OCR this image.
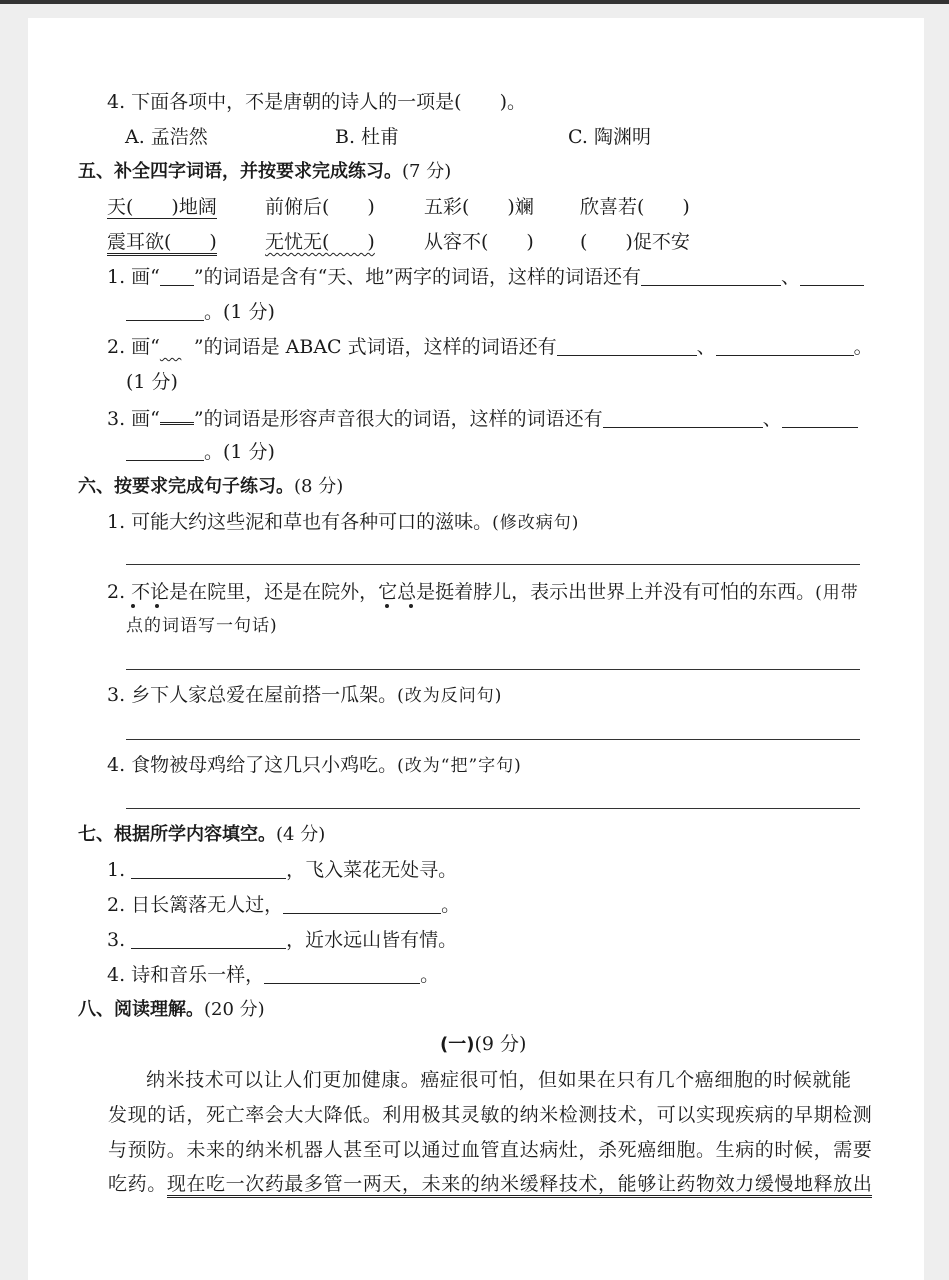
4. 下面各项中，不是唐朝的诗人的一项是(　　)。
A. 孟浩然	B. 杜甫	C. 陶渊明
五、补全四字词语，并按要求完成练习。(7 分)
天(　　)地阔	前俯后(　　)	五彩(　　)斓 欣喜若(　　)
震耳欲(　　)	无忧无(　　)	从容不(　　) (　　)促不安
1. 画“ ”的词语是含有“天、地”两字的词语，这样的词语还有	、
。(1 分)
2. 画“ ”的词语是 ABAC 式词语，这样的词语还有	、	。
(1 分)
3. 画“ ”的词语是形容声音很大的词语，这样的词语还有	、
。(1 分)
六、按要求完成句子练习。(8 分)
1. 可能大约这些泥和草也有各种可口的滋味。(修改病句)
2. 不论是在院里，还是在院外，它总是挺着脖儿，表示出世界上并没有可怕的东西。(用带
点的词语写一句话)
3. 乡下人家总爱在屋前搭一瓜架。(改为反问句)
4. 食物被母鸡给了这几只小鸡吃。(改为“把”字句)
七、根据所学内容填空。(4 分)
1.	，飞入菜花无处寻。
2. 日长篱落无人过，	。
3.	，近水远山皆有情。
4. 诗和音乐一样，	。
八、阅读理解。(20 分)
(一)(9 分)
纳米技术可以让人们更加健康。癌症很可怕，但如果在只有几个癌细胞的时候就能
发现的话，死亡率会大大降低。利用极其灵敏的纳米检测技术，可以实现疾病的早期检测
与预防。未来的纳米机器人甚至可以通过血管直达病灶，杀死癌细胞。生病的时候，需要
吃药。现在吃一次药最多管一两天，未来的纳米缓释技术，能够让药物效力缓慢地释放出
